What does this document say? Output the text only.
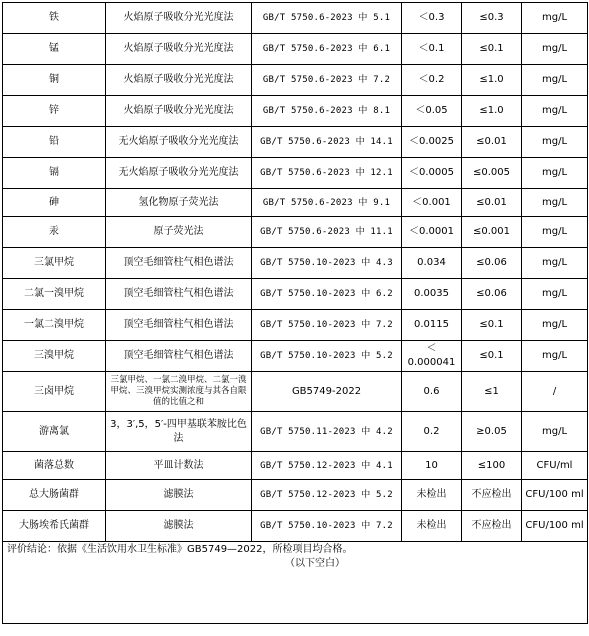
铁	火焰原子吸收分光光度法	GB/T 5750.6-2023 中 5.1	＜0.3	≤0.3	mg/L
锰	火焰原子吸收分光光度法	GB/T 5750.6-2023 中 6.1	＜0.1	≤0.1	mg/L
铜	火焰原子吸收分光光度法	GB/T 5750.6-2023 中 7.2	＜0.2	≤1.0	mg/L
锌	火焰原子吸收分光光度法	GB/T 5750.6-2023 中 8.1	＜0.05	≤1.0	mg/L
铅	无火焰原子吸收分光光度法	GB/T 5750.6-2023 中 14.1	＜0.0025	≤0.01	mg/L
镉	无火焰原子吸收分光光度法	GB/T 5750.6-2023 中 12.1	＜0.0005	≤0.005	mg/L
砷	氢化物原子荧光法	GB/T 5750.6-2023 中 9.1	＜0.001	≤0.01	mg/L
汞	原子荧光法	GB/T 5750.6-2023 中 11.1	＜0.0001	≤0.001	mg/L
三氯甲烷	顶空毛细管柱气相色谱法	GB/T 5750.10-2023 中 4.3	0.034	≤0.06	mg/L
二氯一溴甲烷	顶空毛细管柱气相色谱法	GB/T 5750.10-2023 中 6.2	0.0035	≤0.06	mg/L
一氯二溴甲烷	顶空毛细管柱气相色谱法	GB/T 5750.10-2023 中 7.2	0.0115	≤0.1	mg/L
三溴甲烷	顶空毛细管柱气相色谱法	GB/T 5750.10-2023 中 5.2	＜0.000041	≤0.1	mg/L
三卤甲烷	三氯甲烷、一氯二溴甲烷、二氯一溴甲烷、三溴甲烷实测浓度与其各自限值的比值之和	GB5749-2022	0.6	≤1	/
游离氯	3，3′,5，5′-四甲基联苯胺比色法	GB/T 5750.11-2023 中 4.2	0.2	≥0.05	mg/L
菌落总数	平皿计数法	GB/T 5750.12-2023 中 4.1	10	≤100	CFU/ml
总大肠菌群	滤膜法	GB/T 5750.12-2023 中 5.2	未检出	不应检出	CFU/100 ml
大肠埃希氏菌群	滤膜法	GB/T 5750.10-2023 中 7.2	未检出	不应检出	CFU/100 ml

评价结论：依据《生活饮用水卫生标准》GB5749—2022，所检项目均合格。
（以下空白）					
